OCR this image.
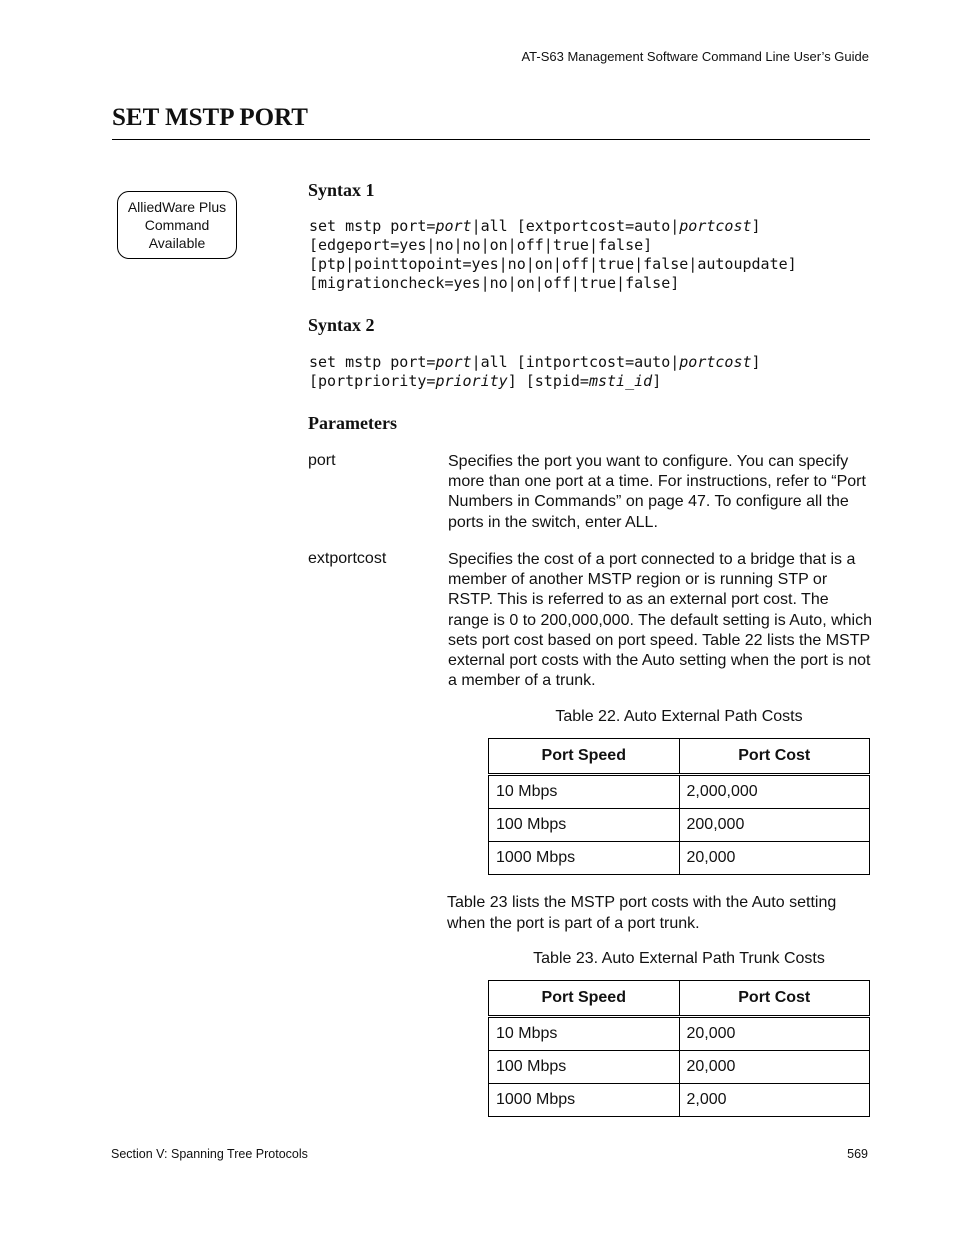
AT-S63 Management Software Command Line User’s Guide
SET MSTP PORT
AlliedWare Plus
Command
Available
Syntax 1
set mstp port=port|all [extportcost=auto|portcost]
[edgeport=yes|no|no|on|off|true|false]
[ptp|pointtopoint=yes|no|on|off|true|false|autoupdate]
[migrationcheck=yes|no|on|off|true|false]
Syntax 2
set mstp port=port|all [intportcost=auto|portcost]
[portpriority=priority] [stpid=msti_id]
Parameters
port	Specifies the port you want to configure. You can specify more than one port at a time. For instructions, refer to “Port Numbers in Commands” on page 47. To configure all the ports in the switch, enter ALL.
extportcost	Specifies the cost of a port connected to a bridge that is a member of another MSTP region or is running STP or RSTP. This is referred to as an external port cost. The range is 0 to 200,000,000. The default setting is Auto, which sets port cost based on port speed. Table 22 lists the MSTP external port costs with the Auto setting when the port is not a member of a trunk.
Table 22. Auto External Path Costs
Port Speed	Port Cost
10 Mbps	2,000,000
100 Mbps	200,000
1000 Mbps	20,000
Table 23 lists the MSTP port costs with the Auto setting when the port is part of a port trunk.
Table 23. Auto External Path Trunk Costs
Port Speed	Port Cost
10 Mbps	20,000
100 Mbps	20,000
1000 Mbps	2,000
Section V: Spanning Tree Protocols	569
